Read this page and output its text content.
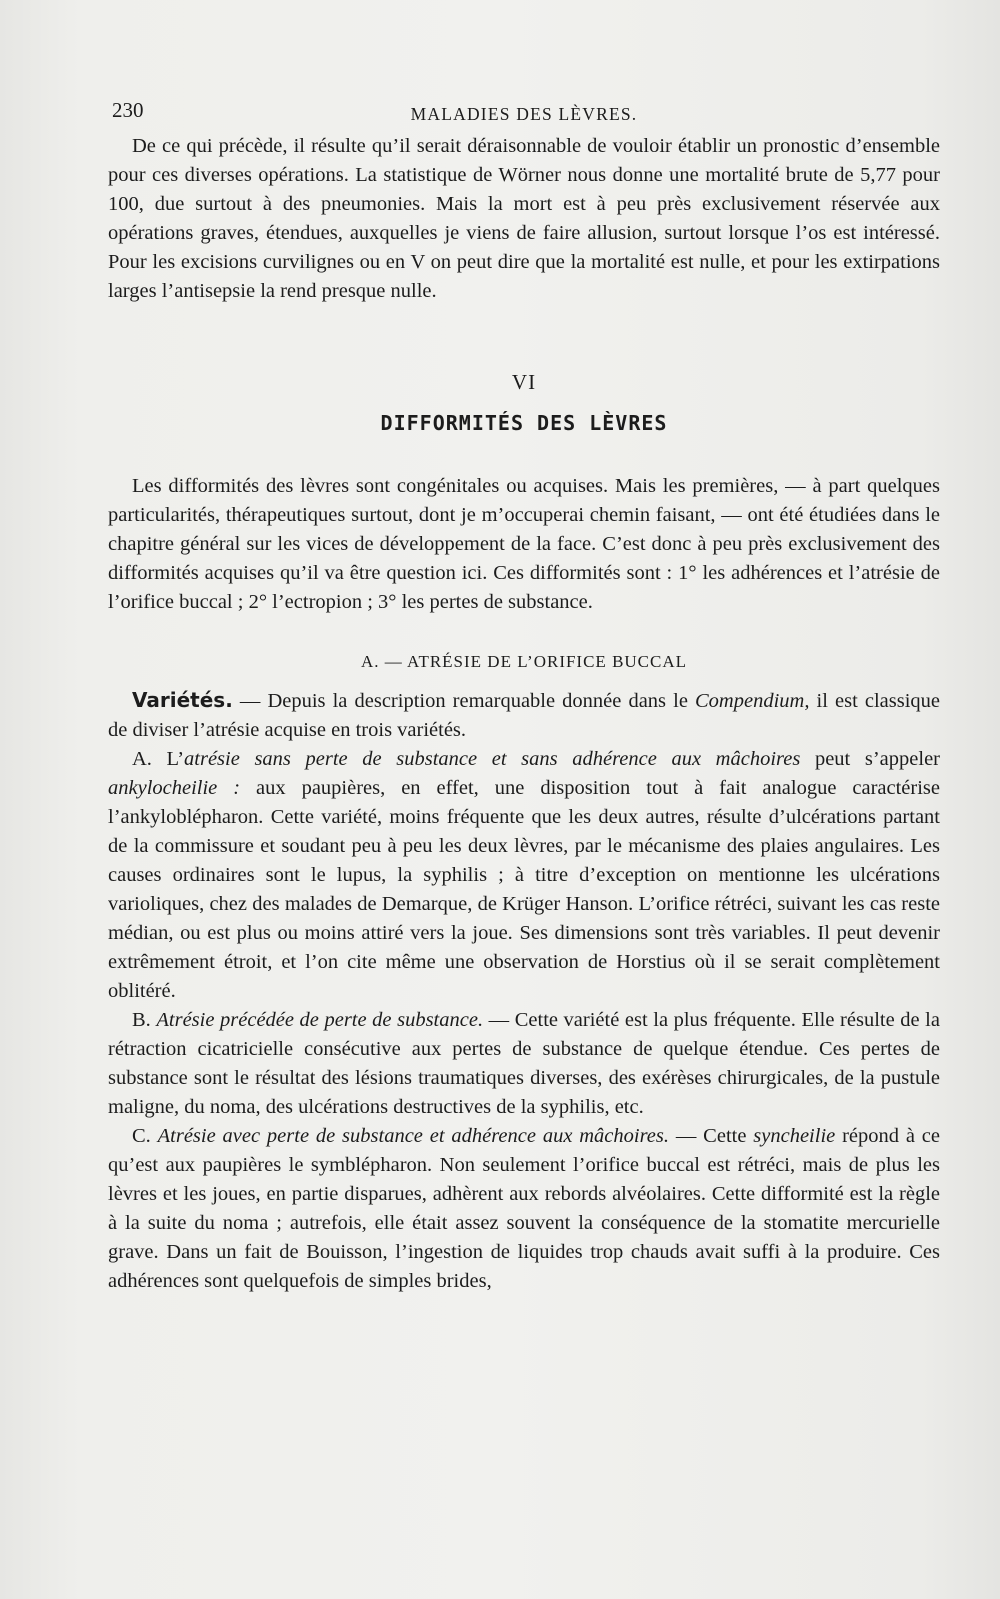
230	MALADIES DES LÈVRES.

De ce qui précède, il résulte qu’il serait déraisonnable de vouloir établir un pronostic d’ensemble pour ces diverses opérations. La statistique de Wörner nous donne une mortalité brute de 5,77 pour 100, due surtout à des pneumonies. Mais la mort est à peu près exclusivement réservée aux opérations graves, étendues, auxquelles je viens de faire allusion, surtout lorsque l’os est intéressé. Pour les excisions curvilignes ou en V on peut dire que la mortalité est nulle, et pour les extirpations larges l’antisepsie la rend presque nulle.

VI
DIFFORMITÉS DES LÈVRES

Les difformités des lèvres sont congénitales ou acquises. Mais les premières, — à part quelques particularités, thérapeutiques surtout, dont je m’occuperai chemin faisant, — ont été étudiées dans le chapitre général sur les vices de développement de la face. C’est donc à peu près exclusivement des difformités acquises qu’il va être question ici. Ces difformités sont : 1° les adhérences et l’atrésie de l’orifice buccal ; 2° l’ectropion ; 3° les pertes de substance.

A. — ATRÉSIE DE L’ORIFICE BUCCAL

Variétés. — Depuis la description remarquable donnée dans le Compendium, il est classique de diviser l’atrésie acquise en trois variétés.

A. L’atrésie sans perte de substance et sans adhérence aux mâchoires peut s’appeler ankylocheilie : aux paupières, en effet, une disposition tout à fait analogue caractérise l’ankyloblépharon. Cette variété, moins fréquente que les deux autres, résulte d’ulcérations partant de la commissure et soudant peu à peu les deux lèvres, par le mécanisme des plaies angulaires. Les causes ordinaires sont le lupus, la syphilis ; à titre d’exception on mentionne les ulcérations varioliques, chez des malades de Demarque, de Krüger Hanson. L’orifice rétréci, suivant les cas reste médian, ou est plus ou moins attiré vers la joue. Ses dimensions sont très variables. Il peut devenir extrêmement étroit, et l’on cite même une observation de Horstius où il se serait complètement oblitéré.

B. Atrésie précédée de perte de substance. — Cette variété est la plus fréquente. Elle résulte de la rétraction cicatricielle consécutive aux pertes de substance de quelque étendue. Ces pertes de substance sont le résultat des lésions traumatiques diverses, des exérèses chirurgicales, de la pustule maligne, du noma, des ulcérations destructives de la syphilis, etc.

C. Atrésie avec perte de substance et adhérence aux mâchoires. — Cette syncheilie répond à ce qu’est aux paupières le symblépharon. Non seulement l’orifice buccal est rétréci, mais de plus les lèvres et les joues, en partie disparues, adhèrent aux rebords alvéolaires. Cette difformité est la règle à la suite du noma ; autrefois, elle était assez souvent la conséquence de la stomatite mercurielle grave. Dans un fait de Bouisson, l’ingestion de liquides trop chauds avait suffi à la produire. Ces adhérences sont quelquefois de simples brides,
